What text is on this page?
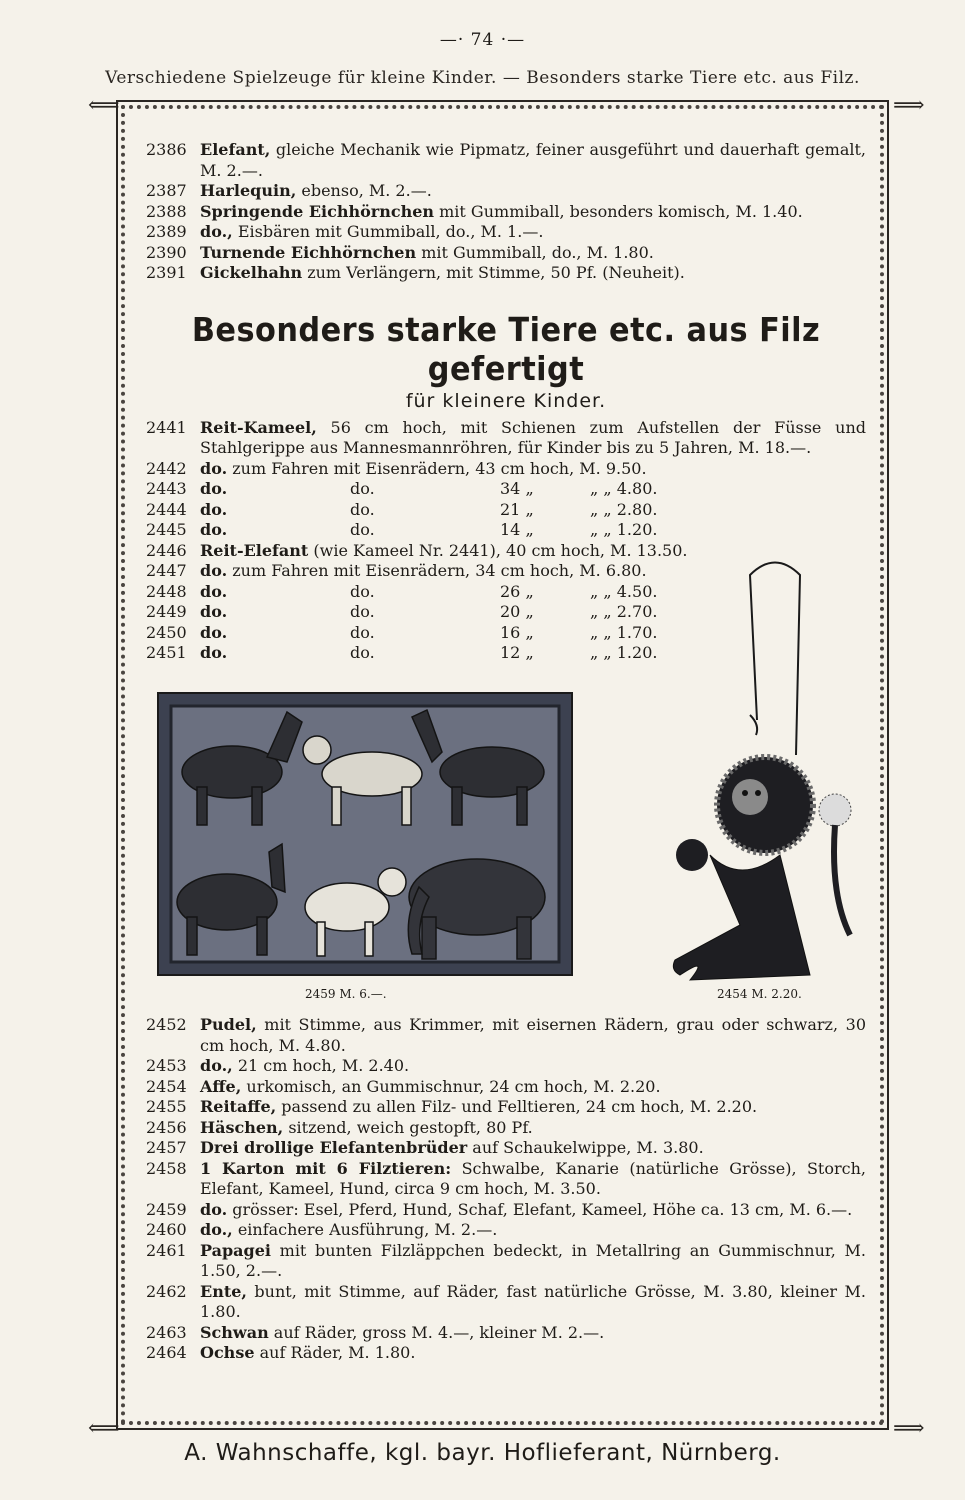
—· 74 ·—
Verschiedene Spielzeuge für kleine Kinder. — Besonders starke Tiere etc. aus Filz.
⟸	⟹
⟸	⟹
2386 Elefant, gleiche Mechanik wie Pipmatz, feiner ausgeführt und dauerhaft gemalt, M. 2.—.
2387 Harlequin, ebenso, M. 2.—.
2388 Springende Eichhörnchen mit Gummiball, besonders komisch, M. 1.40.
2389 do., Eisbären mit Gummiball, do., M. 1.—.
2390 Turnende Eichhörnchen mit Gummiball, do., M. 1.80.
2391 Gickelhahn zum Verlängern, mit Stimme, 50 Pf. (Neuheit).
Besonders starke Tiere etc. aus Filz gefertigt
für kleinere Kinder.
2441 Reit-Kameel, 56 cm hoch, mit Schienen zum Aufstellen der Füsse und Stahlgerippe aus Mannesmannröhren, für Kinder bis zu 5 Jahren, M. 18.—.
2442 do. zum Fahren mit Eisenrädern, 43 cm hoch, M. 9.50.
2443 do.	do.	34 „	„ „ 4.80.
2444 do.	do.	21 „	„ „ 2.80.
2445 do.	do.	14 „	„ „ 1.20.
2446 Reit-Elefant (wie Kameel Nr. 2441), 40 cm hoch, M. 13.50.
2447 do. zum Fahren mit Eisenrädern, 34 cm hoch, M. 6.80.
2448 do.	do.	26 „	„ „ 4.50.
2449 do.	do.	20 „	„ „ 2.70.
2450 do.	do.	16 „	„ „ 1.70.
2451 do.	do.	12 „	„ „ 1.20.
2459 M. 6.—.	2454 M. 2.20.
2452 Pudel, mit Stimme, aus Krimmer, mit eisernen Rädern, grau oder schwarz, 30 cm hoch, M. 4.80.
2453 do., 21 cm hoch, M. 2.40.
2454 Affe, urkomisch, an Gummischnur, 24 cm hoch, M. 2.20.
2455 Reitaffe, passend zu allen Filz- und Felltieren, 24 cm hoch, M. 2.20.
2456 Häschen, sitzend, weich gestopft, 80 Pf.
2457 Drei drollige Elefantenbrüder auf Schaukelwippe, M. 3.80.
2458 1 Karton mit 6 Filztieren: Schwalbe, Kanarie (natürliche Grösse), Storch, Elefant, Kameel, Hund, circa 9 cm hoch, M. 3.50.
2459 do. grösser: Esel, Pferd, Hund, Schaf, Elefant, Kameel, Höhe ca. 13 cm, M. 6.—.
2460 do., einfachere Ausführung, M. 2.—.
2461 Papagei mit bunten Filzläppchen bedeckt, in Metallring an Gummischnur, M. 1.50, 2.—.
2462 Ente, bunt, mit Stimme, auf Räder, fast natürliche Grösse, M. 3.80, kleiner M. 1.80.
2463 Schwan auf Räder, gross M. 4.—, kleiner M. 2.—.
2464 Ochse auf Räder, M. 1.80.
A. Wahnschaffe, kgl. bayr. Hoflieferant, Nürnberg.
